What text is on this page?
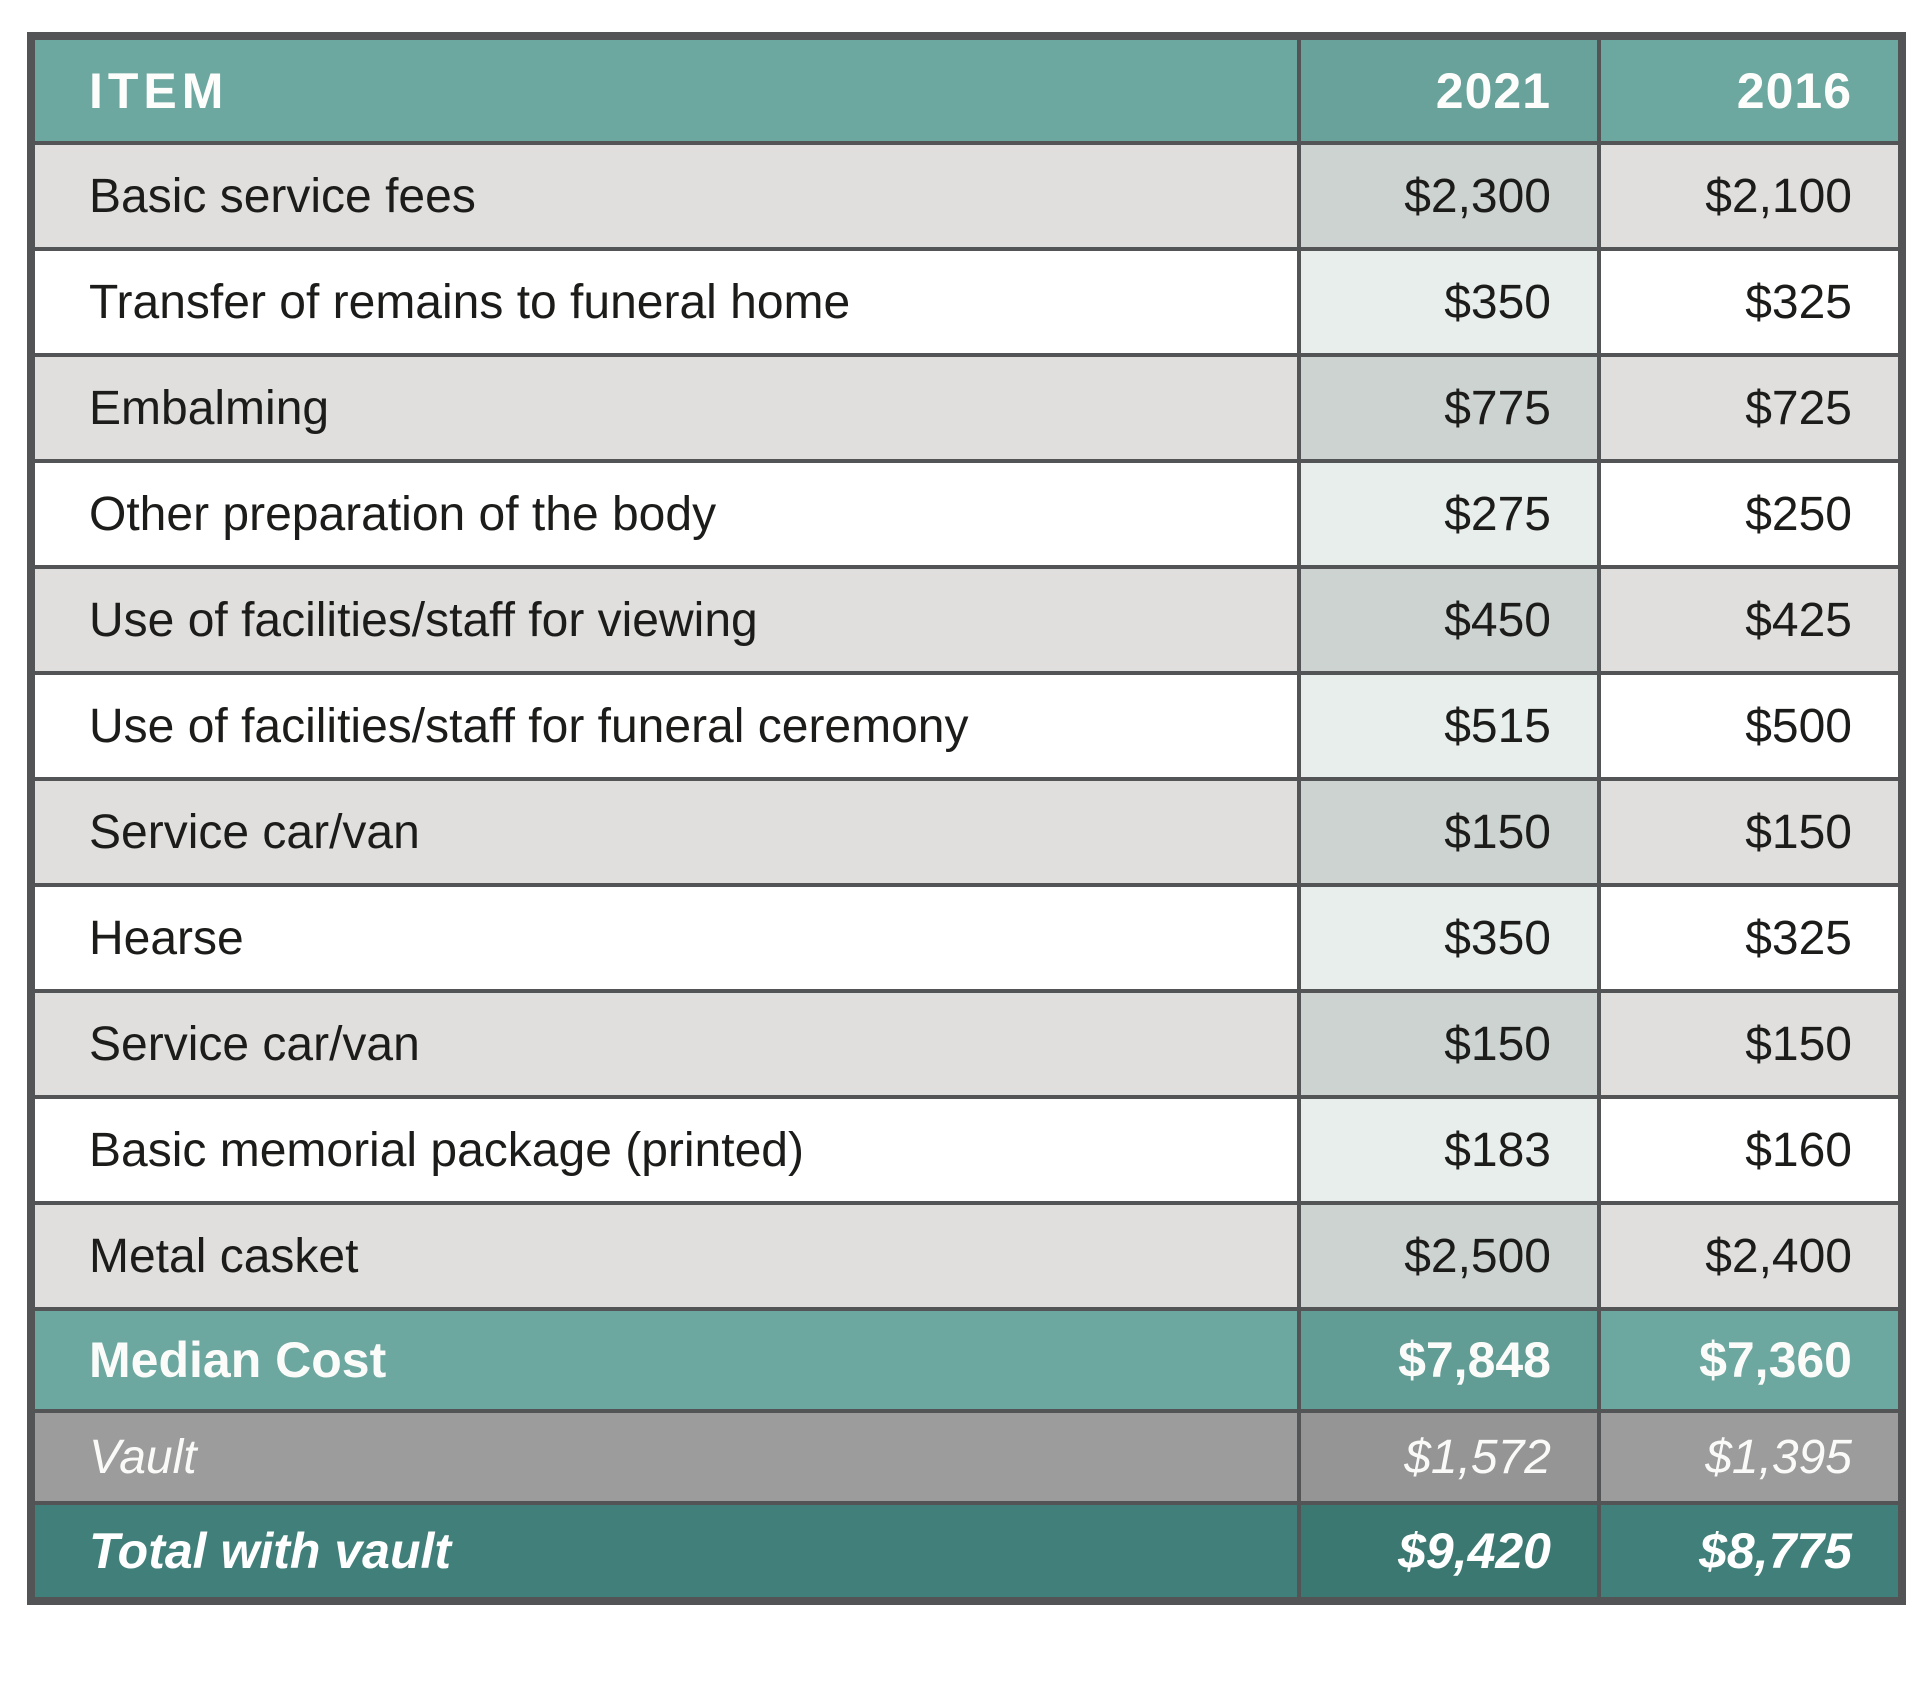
ITEM	2021	2016
Basic service fees	$2,300	$2,100
Transfer of remains to funeral home	$350	$325
Embalming	$775	$725
Other preparation of the body	$275	$250
Use of facilities/staff for viewing	$450	$425
Use of facilities/staff for funeral ceremony	$515	$500
Service car/van	$150	$150
Hearse	$350	$325
Service car/van	$150	$150
Basic memorial package (printed)	$183	$160
Metal casket	$2,500	$2,400
Median Cost	$7,848	$7,360
Vault	$1,572	$1,395
Total with vault	$9,420	$8,775
